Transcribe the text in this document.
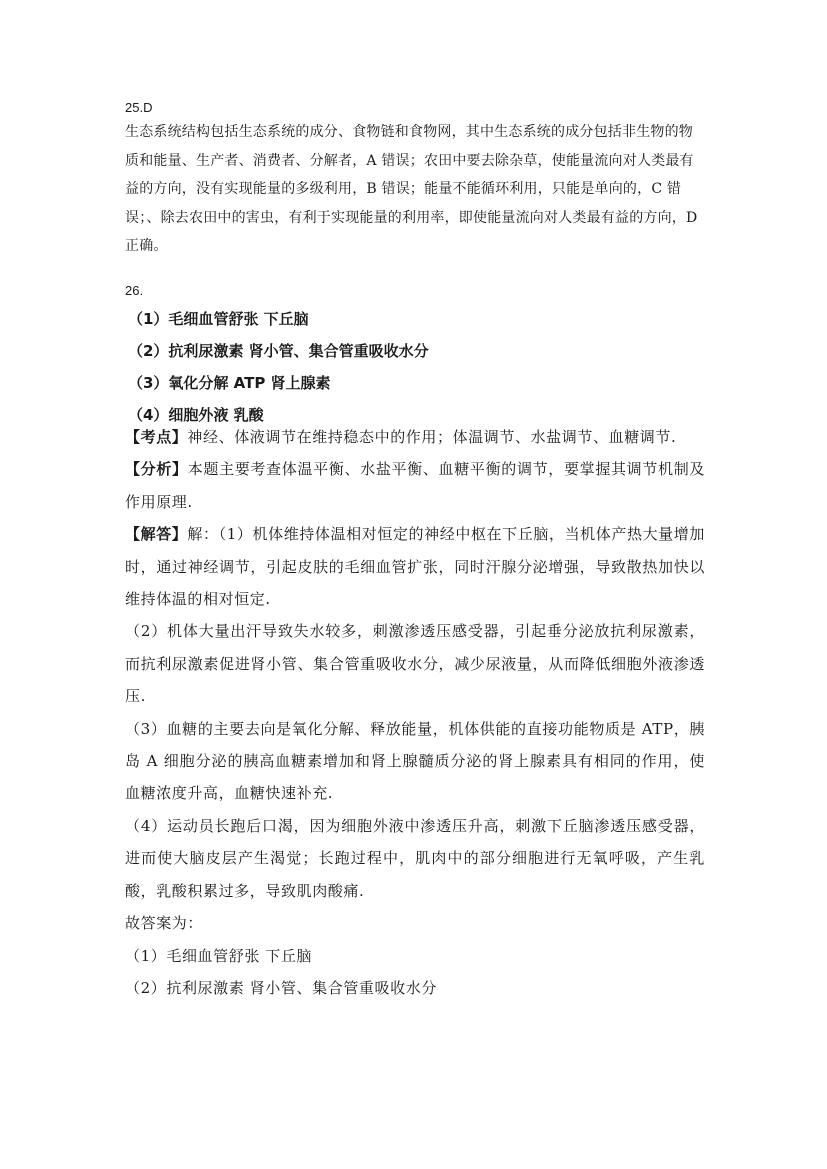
25.D
生态系统结构包括生态系统的成分、食物链和食物网，其中生态系统的成分包括非生物的物质和能量、生产者、消费者、分解者，A 错误；农田中要去除杂草，使能量流向对人类最有益的方向，没有实现能量的多级利用，B 错误；能量不能循环利用，只能是单向的，C 错误；、除去农田中的害虫，有利于实现能量的利用率，即使能量流向对人类最有益的方向，D 正确。
26.
（1）毛细血管舒张 下丘脑
（2）抗利尿激素 肾小管、集合管重吸收水分
（3）氧化分解 ATP 肾上腺素
（4）细胞外液 乳酸

【考点】神经、体液调节在维持稳态中的作用；体温调节、水盐调节、血糖调节.

【分析】本题主要考查体温平衡、水盐平衡、血糖平衡的调节，要掌握其调节机制及作用原理.

【解答】解：（1）机体维持体温相对恒定的神经中枢在下丘脑，当机体产热大量增加时，通过神经调节，引起皮肤的毛细血管扩张，同时汗腺分泌增强，导致散热加快以维持体温的相对恒定.

（2）机体大量出汗导致失水较多，刺激渗透压感受器，引起垂分泌放抗利尿激素，而抗利尿激素促进肾小管、集合管重吸收水分，减少尿液量，从而降低细胞外液渗透压.

（3）血糖的主要去向是氧化分解、释放能量，机体供能的直接功能物质是 ATP，胰岛 A 细胞分泌的胰高血糖素增加和肾上腺髓质分泌的肾上腺素具有相同的作用，使血糖浓度升高，血糖快速补充.

（4）运动员长跑后口渴，因为细胞外液中渗透压升高，刺激下丘脑渗透压感受器，进而使大脑皮层产生渴觉；长跑过程中，肌肉中的部分细胞进行无氧呼吸，产生乳酸，乳酸积累过多，导致肌肉酸痛.

故答案为：

（1）毛细血管舒张 下丘脑

（2）抗利尿激素 肾小管、集合管重吸收水分
